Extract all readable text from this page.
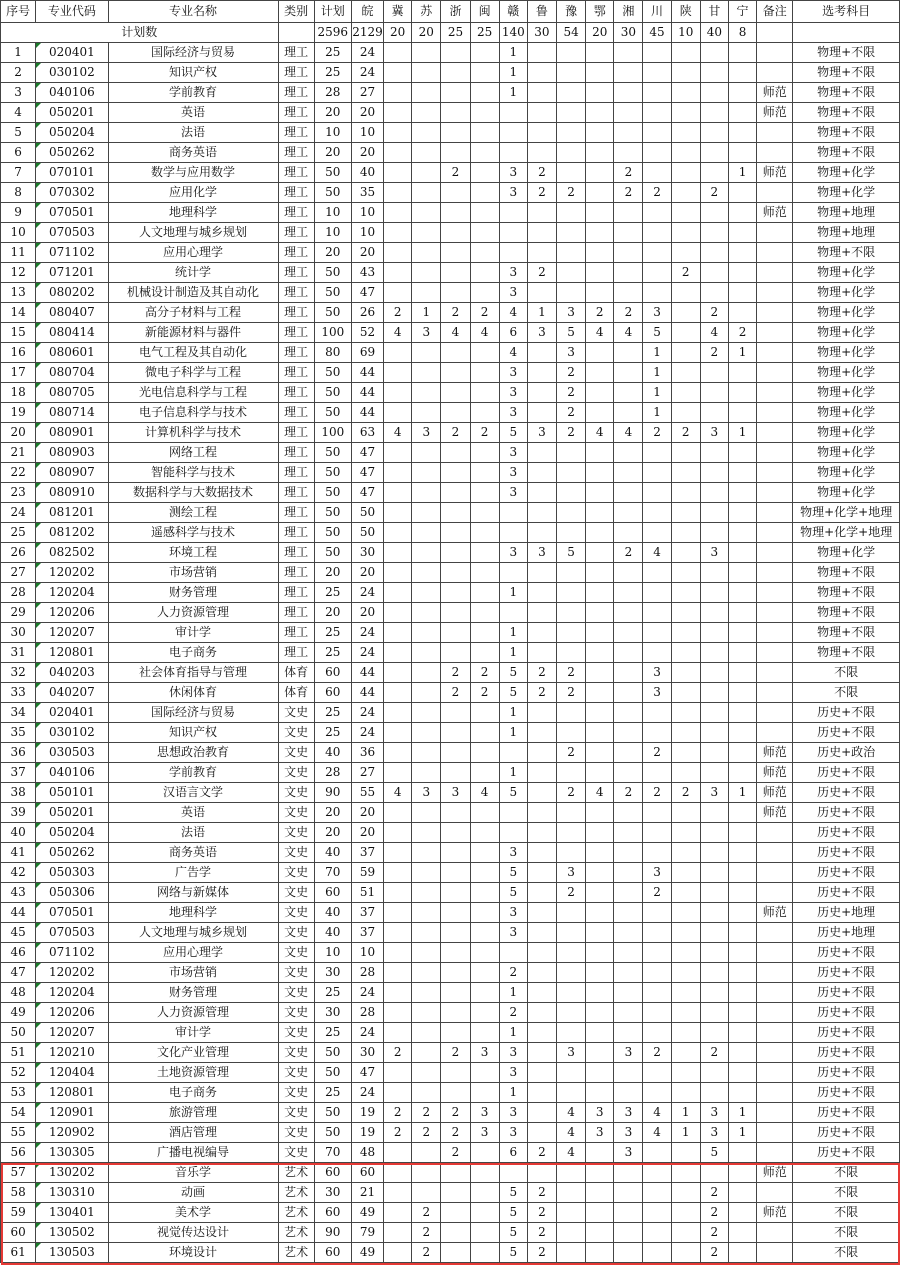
序号	专业代码	专业名称	类别	计划	皖	冀	苏	浙	闽	赣	鲁	豫	鄂	湘	川	陕	甘	宁	备注	选考科目
计划数				2596	2129	20	20	25	25	140	30	54	20	30	45	10	40	8		
1	020401	国际经济与贸易	理工	25	24					1										物理+不限
2	030102	知识产权	理工	25	24					1										物理+不限
3	040106	学前教育	理工	28	27					1									师范	物理+不限
4	050201	英语	理工	20	20														师范	物理+不限
5	050204	法语	理工	10	10															物理+不限
6	050262	商务英语	理工	20	20															物理+不限
7	070101	数学与应用数学	理工	50	40			2		3	2			2				1	师范	物理+化学
8	070302	应用化学	理工	50	35					3	2	2		2	2		2			物理+化学
9	070501	地理科学	理工	10	10														师范	物理+地理
10	070503	人文地理与城乡规划	理工	10	10															物理+地理
11	071102	应用心理学	理工	20	20															物理+不限
12	071201	统计学	理工	50	43					3	2					2				物理+化学
13	080202	机械设计制造及其自动化	理工	50	47					3										物理+化学
14	080407	高分子材料与工程	理工	50	26	2	1	2	2	4	1	3	2	2	3		2			物理+化学
15	080414	新能源材料与器件	理工	100	52	4	3	4	4	6	3	5	4	4	5		4	2		物理+化学
16	080601	电气工程及其自动化	理工	80	69					4		3			1		2	1		物理+化学
17	080704	微电子科学与工程	理工	50	44					3		2			1					物理+化学
18	080705	光电信息科学与工程	理工	50	44					3		2			1					物理+化学
19	080714	电子信息科学与技术	理工	50	44					3		2			1					物理+化学
20	080901	计算机科学与技术	理工	100	63	4	3	2	2	5	3	2	4	4	2	2	3	1		物理+化学
21	080903	网络工程	理工	50	47					3										物理+化学
22	080907	智能科学与技术	理工	50	47					3										物理+化学
23	080910	数据科学与大数据技术	理工	50	47					3										物理+化学
24	081201	测绘工程	理工	50	50															物理+化学+地理
25	081202	遥感科学与技术	理工	50	50															物理+化学+地理
26	082502	环境工程	理工	50	30					3	3	5		2	4		3			物理+化学
27	120202	市场营销	理工	20	20															物理+不限
28	120204	财务管理	理工	25	24					1										物理+不限
29	120206	人力资源管理	理工	20	20															物理+不限
30	120207	审计学	理工	25	24					1										物理+不限
31	120801	电子商务	理工	25	24					1										物理+不限
32	040203	社会体育指导与管理	体育	60	44			2	2	5	2	2			3					不限
33	040207	休闲体育	体育	60	44			2	2	5	2	2			3					不限
34	020401	国际经济与贸易	文史	25	24					1										历史+不限
35	030102	知识产权	文史	25	24					1										历史+不限
36	030503	思想政治教育	文史	40	36							2			2				师范	历史+政治
37	040106	学前教育	文史	28	27					1									师范	历史+不限
38	050101	汉语言文学	文史	90	55	4	3	3	4	5		2	4	2	2	2	3	1	师范	历史+不限
39	050201	英语	文史	20	20														师范	历史+不限
40	050204	法语	文史	20	20															历史+不限
41	050262	商务英语	文史	40	37					3										历史+不限
42	050303	广告学	文史	70	59					5		3			3					历史+不限
43	050306	网络与新媒体	文史	60	51					5		2			2					历史+不限
44	070501	地理科学	文史	40	37					3									师范	历史+地理
45	070503	人文地理与城乡规划	文史	40	37					3										历史+地理
46	071102	应用心理学	文史	10	10															历史+不限
47	120202	市场营销	文史	30	28					2										历史+不限
48	120204	财务管理	文史	25	24					1										历史+不限
49	120206	人力资源管理	文史	30	28					2										历史+不限
50	120207	审计学	文史	25	24					1										历史+不限
51	120210	文化产业管理	文史	50	30	2		2	3	3		3		3	2		2			历史+不限
52	120404	土地资源管理	文史	50	47					3										历史+不限
53	120801	电子商务	文史	25	24					1										历史+不限
54	120901	旅游管理	文史	50	19	2	2	2	3	3		4	3	3	4	1	3	1		历史+不限
55	120902	酒店管理	文史	50	19	2	2	2	3	3		4	3	3	4	1	3	1		历史+不限
56	130305	广播电视编导	文史	70	48			2		6	2	4		3			5			历史+不限
57	130202	音乐学	艺术	60	60														师范	不限
58	130310	动画	艺术	30	21					5	2						2			不限
59	130401	美术学	艺术	60	49		2			5	2						2		师范	不限
60	130502	视觉传达设计	艺术	90	79		2			5	2						2			不限
61	130503	环境设计	艺术	60	49		2			5	2						2			不限
